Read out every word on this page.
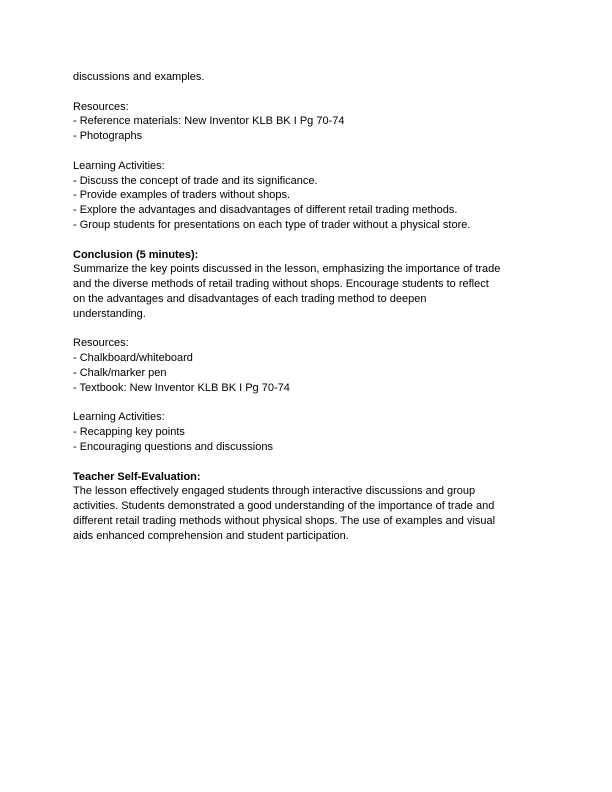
discussions and examples.
Resources:
- Reference materials: New Inventor KLB BK I Pg 70-74
- Photographs
Learning Activities:
- Discuss the concept of trade and its significance.
- Provide examples of traders without shops.
- Explore the advantages and disadvantages of different retail trading methods.
- Group students for presentations on each type of trader without a physical store.
Conclusion (5 minutes):
Summarize the key points discussed in the lesson, emphasizing the importance of trade
and the diverse methods of retail trading without shops. Encourage students to reflect
on the advantages and disadvantages of each trading method to deepen
understanding.
Resources:
- Chalkboard/whiteboard
- Chalk/marker pen
- Textbook: New Inventor KLB BK I Pg 70-74
Learning Activities:
- Recapping key points
- Encouraging questions and discussions
Teacher Self-Evaluation:
The lesson effectively engaged students through interactive discussions and group
activities. Students demonstrated a good understanding of the importance of trade and
different retail trading methods without physical shops. The use of examples and visual
aids enhanced comprehension and student participation.
